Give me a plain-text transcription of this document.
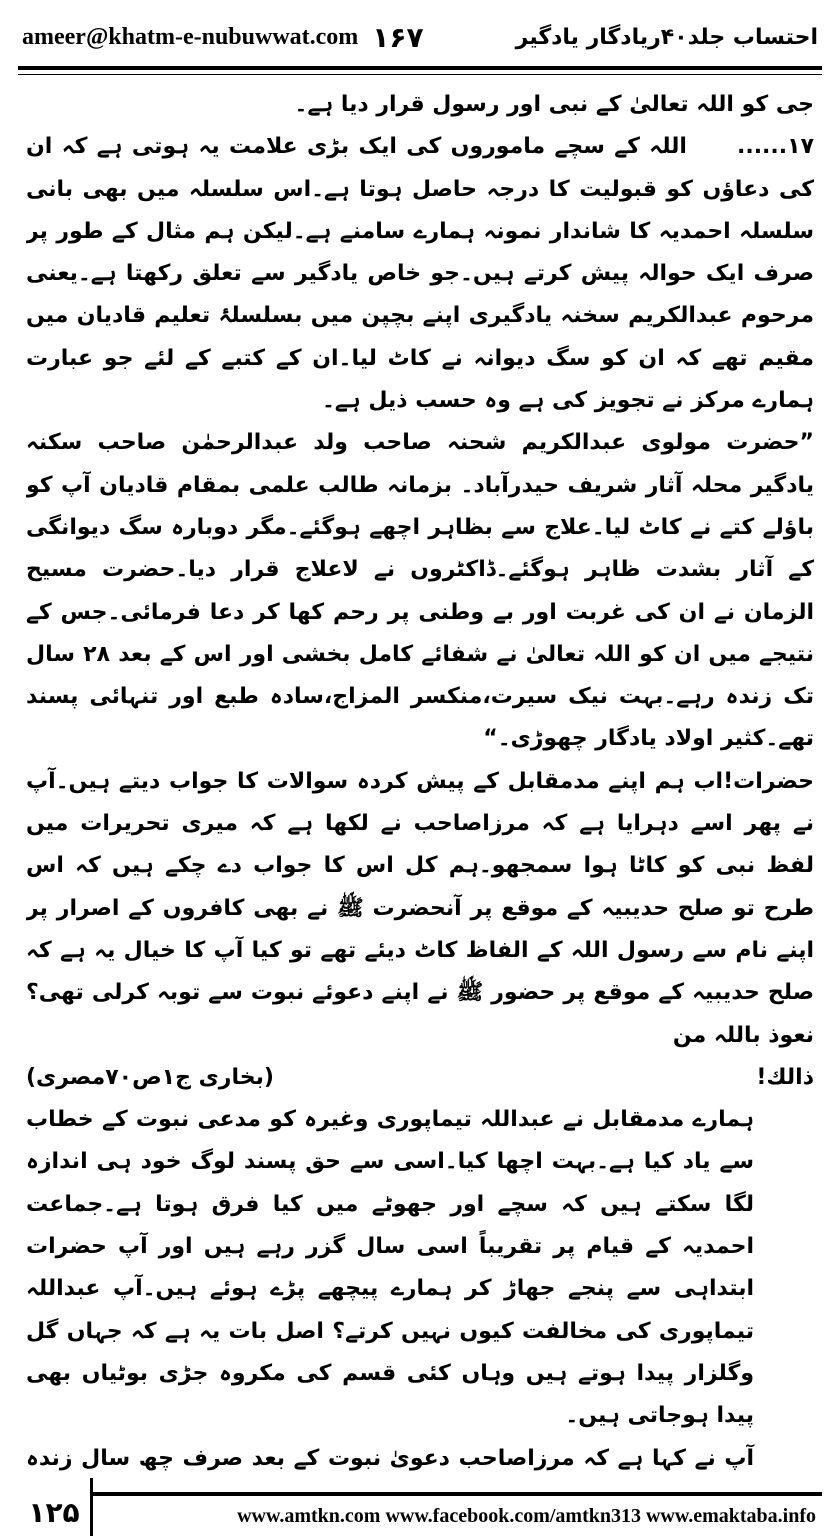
ameer@khatm-e-nubuwwat.com ۱۶۷	احتساب جلد۴۰ریادگار یادگیر

جی کو اللہ تعالیٰ کے نبی اور رسول قرار دیا ہے۔

۱۷......اللہ کے سچے ماموروں کی ایک بڑی علامت یہ ہوتی ہے کہ ان کی دعاؤں کو قبولیت کا درجہ حاصل ہوتا ہے۔اس سلسلہ میں بھی بانی سلسلہ احمدیہ کا شاندار نمونہ ہمارے سامنے ہے۔لیکن ہم مثال کے طور پر صرف ایک حوالہ پیش کرتے ہیں۔جو خاص یادگیر سے تعلق رکھتا ہے۔یعنی مرحوم عبدالکریم سخنہ یادگیری اپنے بچپن میں بسلسلۂ تعلیم قادیان میں مقیم تھے کہ ان کو سگ دیوانہ نے کاٹ لیا۔ان کے کتبے کے لئے جو عبارت ہمارے مرکز نے تجویز کی ہے وہ حسب ذیل ہے۔

”حضرت مولوی عبدالکریم شحنہ صاحب ولد عبدالرحمٰن صاحب سکنہ یادگیر محلہ آثار شریف حیدرآباد۔ بزمانہ طالب علمی بمقام قادیان آپ کو باؤلے کتے نے کاٹ لیا۔علاج سے بظاہر اچھے ہوگئے۔مگر دوبارہ سگ دیوانگی کے آثار بشدت ظاہر ہوگئے۔ڈاکٹروں نے لاعلاج قرار دیا۔حضرت مسیح الزمان نے ان کی غربت اور بے وطنی پر رحم کھا کر دعا فرمائی۔جس کے نتیجے میں ان کو اللہ تعالیٰ نے شفائے کامل بخشی اور اس کے بعد ۲۸ سال تک زندہ رہے۔بہت نیک سیرت،منکسر المزاج،سادہ طبع اور تنہائی پسند تھے۔کثیر اولاد یادگار چھوڑی۔“

حضرات!اب ہم اپنے مدمقابل کے پیش کردہ سوالات کا جواب دیتے ہیں۔آپ نے پھر اسے دہرایا ہے کہ مرزاصاحب نے لکھا ہے کہ میری تحریرات میں لفظ نبی کو کاٹا ہوا سمجھو۔ہم کل اس کا جواب دے چکے ہیں کہ اس طرح تو صلح حدیبیہ کے موقع پر آنحضرت ﷺ نے بھی کافروں کے اصرار پر اپنے نام سے رسول اللہ کے الفاظ کاٹ دیئے تھے تو کیا آپ کا خیال یہ ہے کہ صلح حدیبیہ کے موقع پر حضور ﷺ نے اپنے دعوئے نبوت سے توبہ کرلی تھی؟ نعوذ باللہ من

ذالك!
(بخاری ج۱ص۷۰مصری)

ہمارے مدمقابل نے عبداللہ تیماپوری وغیرہ کو مدعی نبوت کے خطاب سے یاد کیا ہے۔بہت اچھا کیا۔اسی سے حق پسند لوگ خود ہی اندازہ لگا سکتے ہیں کہ سچے اور جھوٹے میں کیا فرق ہوتا ہے۔جماعت احمدیہ کے قیام پر تقریباً اسی سال گزر رہے ہیں اور آپ حضرات ابتداہی سے پنجے جھاڑ کر ہمارے پیچھے پڑے ہوئے ہیں۔آپ عبداللہ تیماپوری کی مخالفت کیوں نہیں کرتے؟ اصل بات یہ ہے کہ جہاں گل وگلزار پیدا ہوتے ہیں وہاں کئی قسم کی مکروہ جڑی بوٹیاں بھی پیدا ہوجاتی ہیں۔

آپ نے کہا ہے کہ مرزاصاحب دعویٰ نبوت کے بعد صرف چھ سال زندہ

۱۲۵	www.amtkn.com www.facebook.com/amtkn313 www.emaktaba.info
